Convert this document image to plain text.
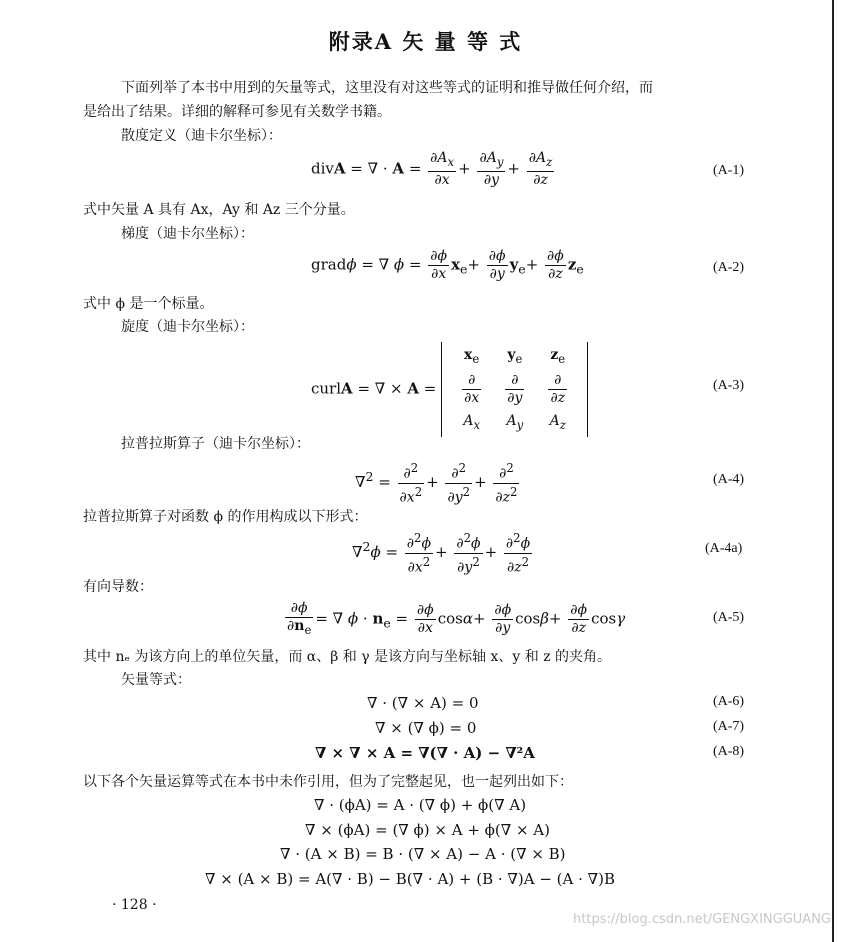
附录A 矢 量 等 式
下面列举了本书中用到的矢量等式，这里没有对这些等式的证明和推导做任何介绍，而
是给出了结果。详细的解释可参见有关数学书籍。
散度定义（迪卡尔坐标）：
divA = ∇ · $A = \frac{\partial A_x}{\partial x} + \frac{\partial A_y}{\partial y} + \frac{\partial A_z}{\partial z}$	(A-1)
式中矢量 A 具有 Ax，Ay 和 Az 三个分量。
梯度（迪卡尔坐标）：
gradϕ = ∇ $\phi = \frac{\partial\phi}{\partial x} x_e+ \frac{\partial\phi}{\partial y} y_e+ \frac{\partial\phi}{\partial z} z_e$	(A-2)
式中 ϕ 是一个标量。
旋度（迪卡尔坐标）：
curlA = ∇ × A =
$x_e$	$y_e$	$z_e$

$\frac{\partial}{\partial x}$	$\frac{\partial}{\partial y}$	$\frac{\partial}{\partial z}$

$A_x$	$A_y$	$A_z$
(A-3)
拉普拉斯算子（迪卡尔坐标）：
$\nabla^2 = \frac{\partial^2}{\partial x^2} + \frac{\partial^2}{\partial y^2} + \frac{\partial^2}{\partial z^2}$	(A-4)
拉普拉斯算子对函数 ϕ 的作用构成以下形式：
$\nabla^2\phi = \frac{\partial^2\phi}{\partial x^2} + \frac{\partial^2\phi}{\partial y^2} + \frac{\partial^2\phi}{\partial z^2}$	(A-4a)
有向导数：
$\frac{\partial\phi}{\partial n_e}$ = ∇ $\phi \cdot n_e = \frac{\partial\phi}{\partial x} \cos\alpha+ \frac{\partial\phi}{\partial y} \cos\beta+ \frac{\partial\phi}{\partial z}$ cosγ	(A-5)
其中 nₑ 为该方向上的单位矢量，而 α、β 和 γ 是该方向与坐标轴 x、y 和 z 的夹角。
矢量等式：
∇ · (∇ × A) = 0	(A-6)
∇ × (∇ ϕ) = 0	(A-7)
∇ × ∇ × A = ∇(∇ · A) − ∇²A	(A-8)
以下各个矢量运算等式在本书中未作引用，但为了完整起见，也一起列出如下：
∇ · (ϕA) = A · (∇ ϕ) + ϕ(∇ A)
∇ × (ϕA) = (∇ ϕ) × A + ϕ(∇ × A)
∇ · (A × B) = B · (∇ × A) − A · (∇ × B)
∇ × (A × B) = A(∇ · B) − B(∇ · A) + (B · ∇)A − (A · ∇)B
· 128 ·
https://blog.csdn.net/GENGXINGGUANG
